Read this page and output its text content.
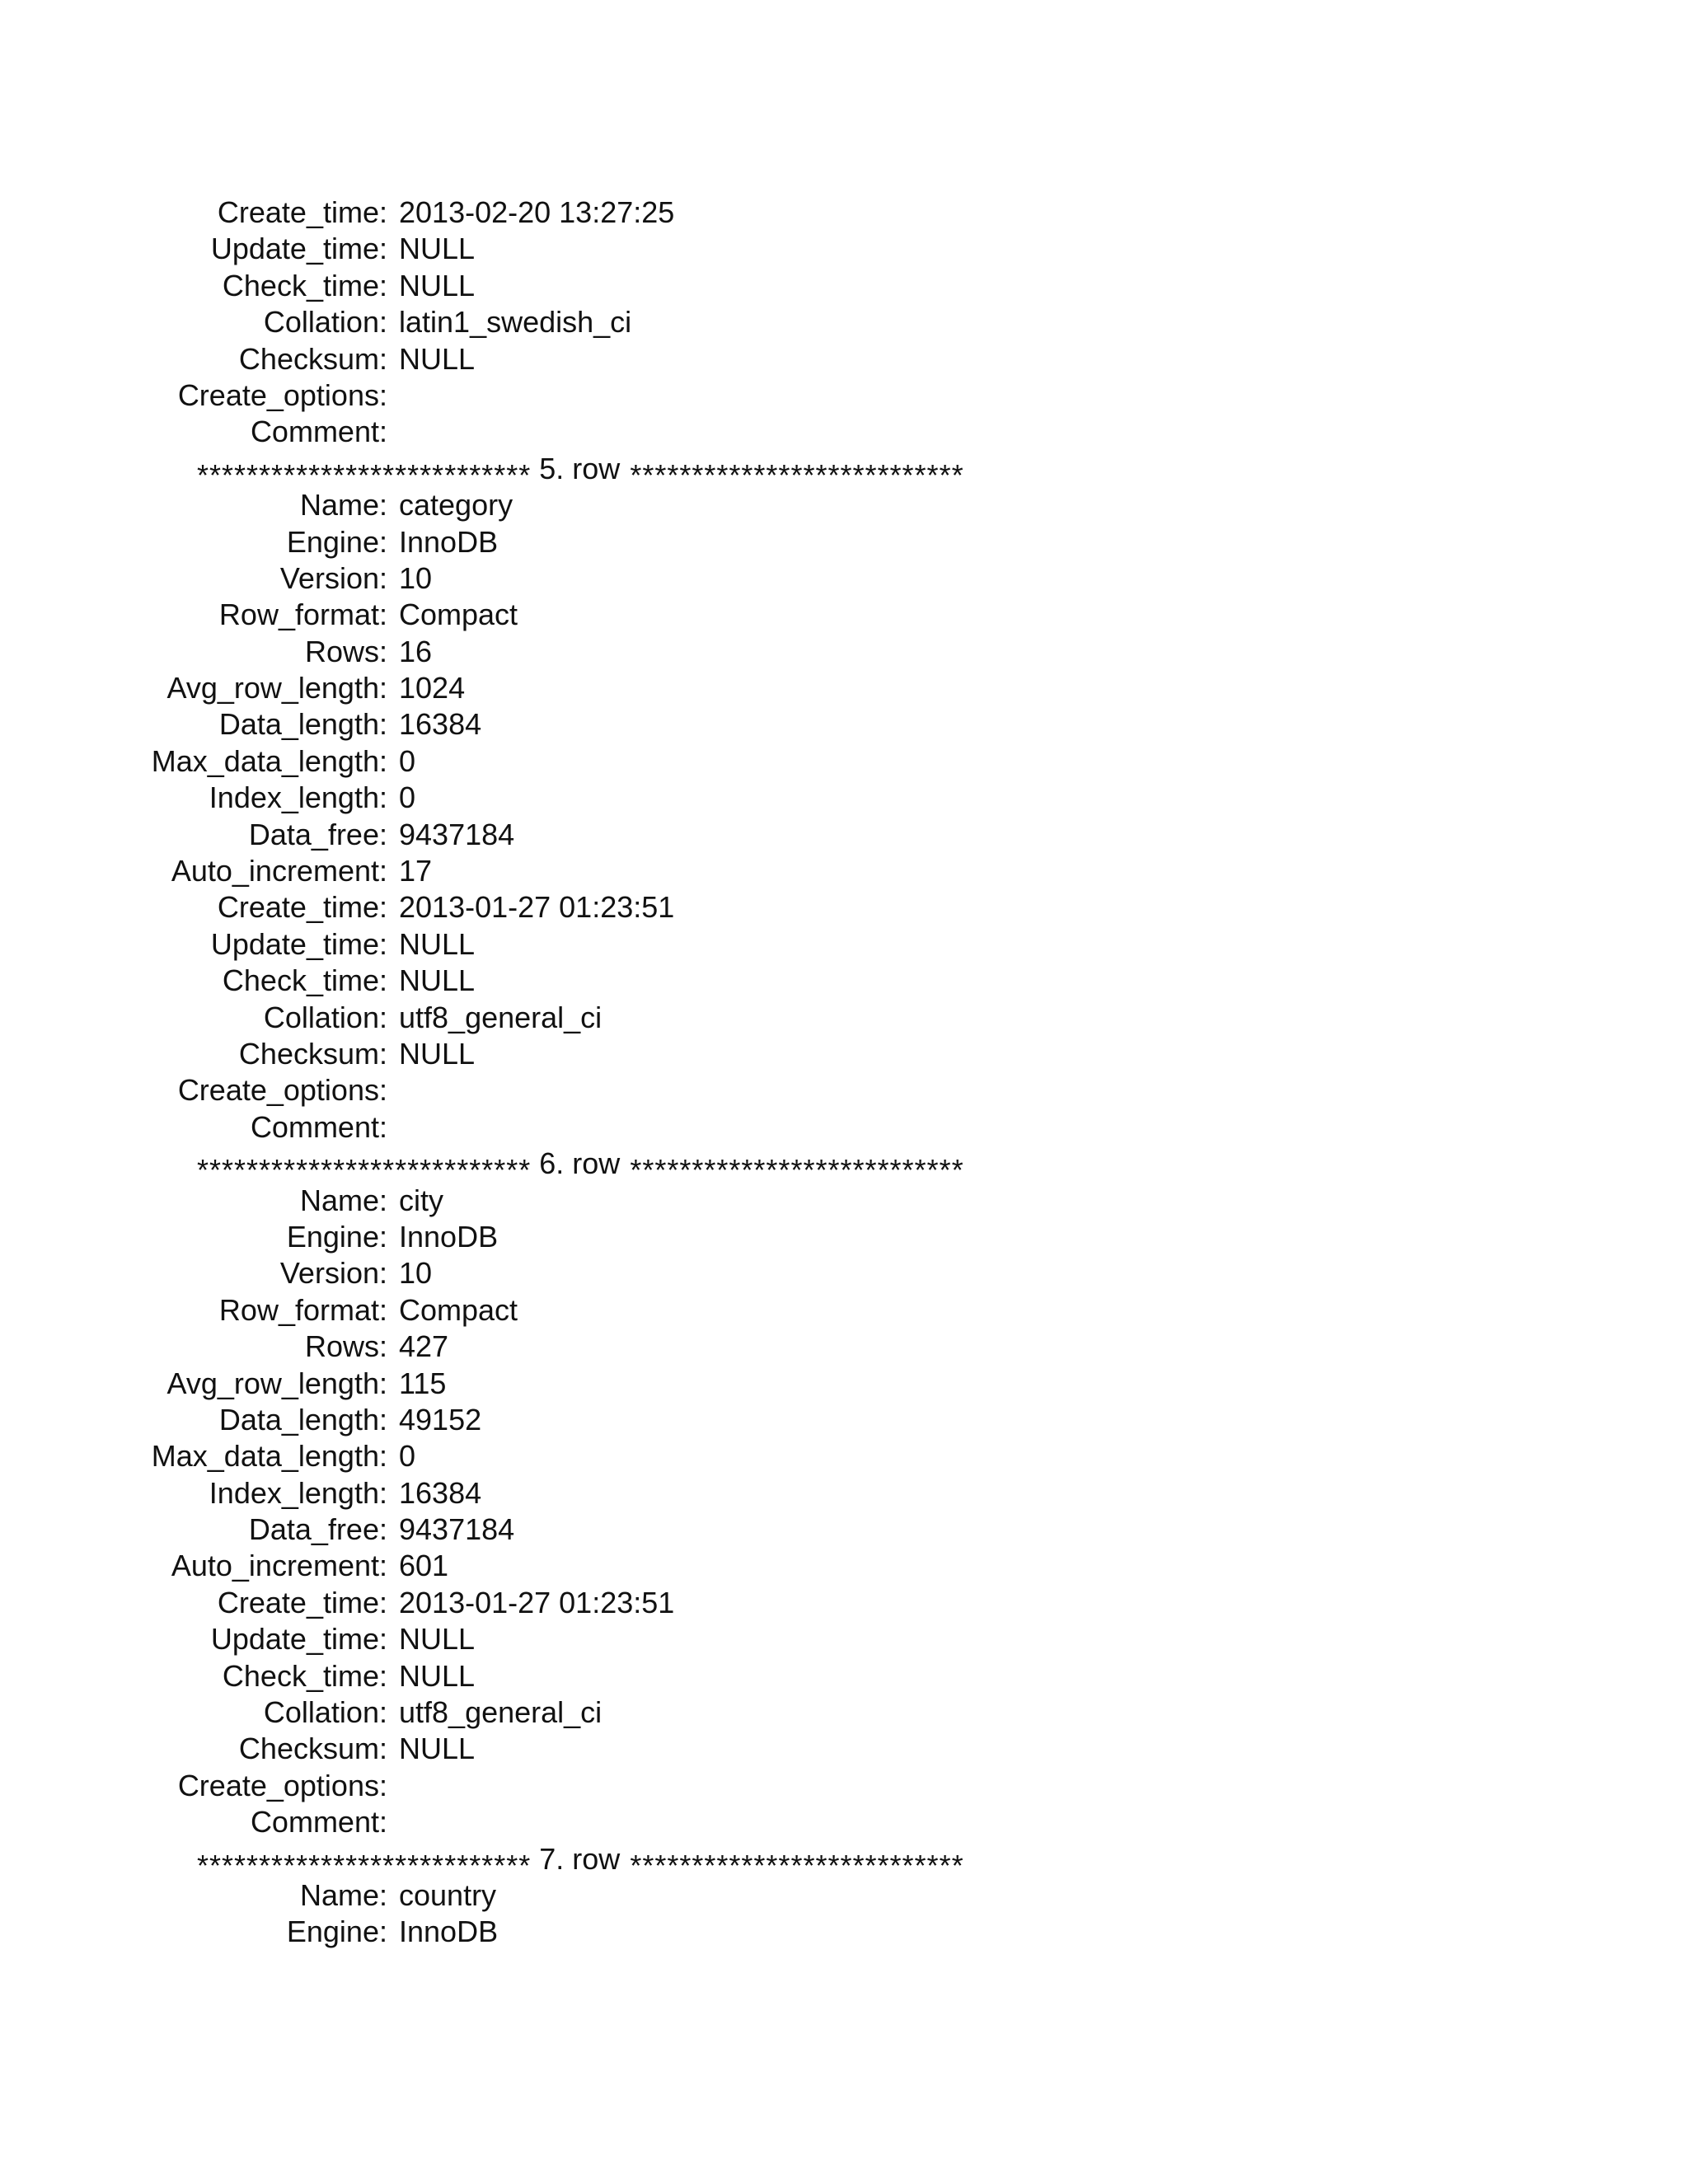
Create_time: 2013-02-20 13:27:25
Update_time: NULL
Check_time: NULL
Collation: latin1_swedish_ci
Checksum: NULL
Create_options:
Comment:
*************************** 5. row ***************************
Name: category
Engine: InnoDB
Version: 10
Row_format: Compact
Rows: 16
Avg_row_length: 1024
Data_length: 16384
Max_data_length: 0
Index_length: 0
Data_free: 9437184
Auto_increment: 17
Create_time: 2013-01-27 01:23:51
Update_time: NULL
Check_time: NULL
Collation: utf8_general_ci
Checksum: NULL
Create_options:
Comment:
*************************** 6. row ***************************
Name: city
Engine: InnoDB
Version: 10
Row_format: Compact
Rows: 427
Avg_row_length: 115
Data_length: 49152
Max_data_length: 0
Index_length: 16384
Data_free: 9437184
Auto_increment: 601
Create_time: 2013-01-27 01:23:51
Update_time: NULL
Check_time: NULL
Collation: utf8_general_ci
Checksum: NULL
Create_options:
Comment:
*************************** 7. row ***************************
Name: country
Engine: InnoDB
